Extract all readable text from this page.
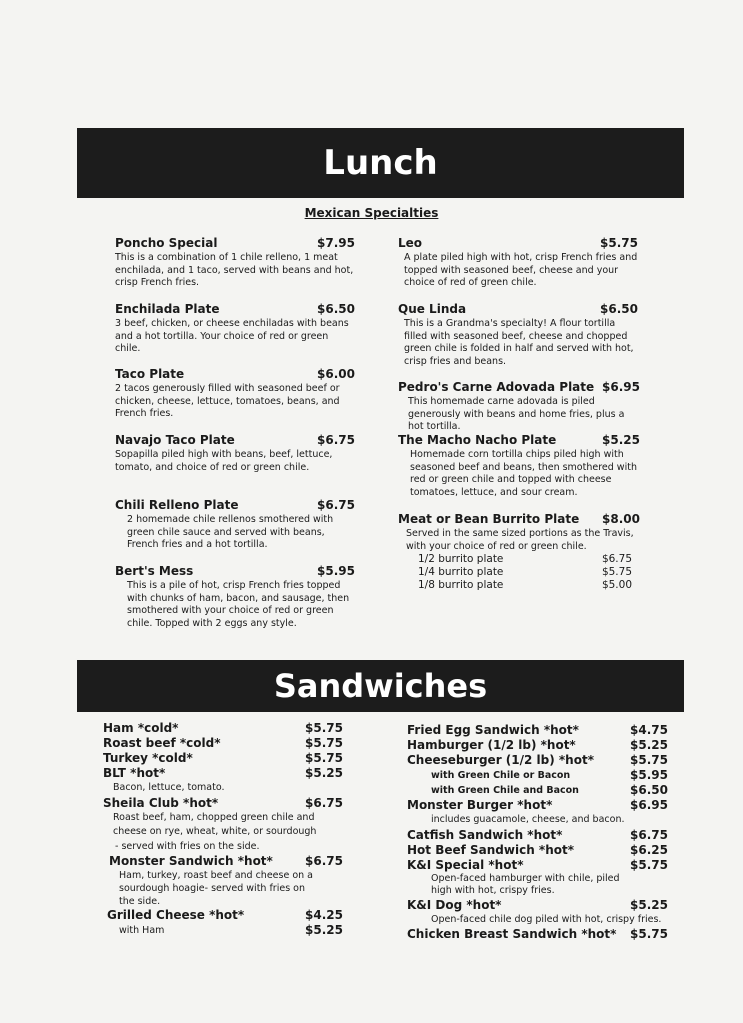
Lunch
Mexican Specialties
Poncho Special	$7.95
This is a combination of 1 chile relleno, 1 meat enchilada, and 1 taco, served with beans and hot, crisp French fries.
Enchilada Plate	$6.50
3 beef, chicken, or cheese enchiladas with beans and a hot tortilla. Your choice of red or green chile.
Taco Plate	$6.00
2 tacos generously filled with seasoned beef or chicken, cheese, lettuce, tomatoes, beans, and French fries.
Navajo Taco Plate	$6.75
Sopapilla piled high with beans, beef, lettuce, tomato, and choice of red or green chile.
Chili Relleno Plate	$6.75
2 homemade chile rellenos smothered with green chile sauce and served with beans, French fries and a hot tortilla.
Bert's Mess	$5.95
This is a pile of hot, crisp French fries topped with chunks of ham, bacon, and sausage, then smothered with your choice of red or green chile. Topped with 2 eggs any style.
Leo	$5.75
A plate piled high with hot, crisp French fries and topped with seasoned beef, cheese and your choice of red of green chile.
Que Linda	$6.50
This is a Grandma's specialty! A flour tortilla filled with seasoned beef, cheese and chopped green chile is folded in half and served with hot, crisp fries and beans.
Pedro's Carne Adovada Plate $6.95
This homemade carne adovada is piled generously with beans and home fries, plus a hot tortilla.
The Macho Nacho Plate	$5.25
Homemade corn tortilla chips piled high with seasoned beef and beans, then smothered with red or green chile and topped with cheese tomatoes, lettuce, and sour cream.
Meat or Bean Burrito Plate $8.00
Served in the same sized portions as the Travis, with your choice of red or green chile.
1/2 burrito plate	$6.75
1/4 burrito plate	$5.75
1/8 burrito plate	$5.00
Sandwiches
Ham *cold*	$5.75
Roast beef *cold*	$5.75
Turkey *cold*	$5.75
BLT *hot*	$5.25
Bacon, lettuce, tomato.
Sheila Club *hot*	$6.75
Roast beef, ham, chopped green chile and
cheese on rye, wheat, white, or sourdough
- served with fries on the side.
Monster Sandwich *hot*	$6.75
Ham, turkey, roast beef and cheese on a sourdough hoagie- served with fries on the side.
Grilled Cheese *hot*	$4.25
with Ham	$5.25
Fried Egg Sandwich *hot*	$4.75
Hamburger (1/2 lb) *hot*	$5.25
Cheeseburger (1/2 lb) *hot*	$5.75
with Green Chile or Bacon	$5.95
with Green Chile and Bacon	$6.50
Monster Burger *hot*	$6.95
includes guacamole, cheese, and bacon.
Catfish Sandwich *hot*	$6.75
Hot Beef Sandwich *hot*	$6.25
K&I Special *hot*	$5.75
Open-faced hamburger with chile, piled high with hot, crispy fries.
K&I Dog *hot*	$5.25
Open-faced chile dog piled with hot, crispy fries.
Chicken Breast Sandwich *hot* $5.75
